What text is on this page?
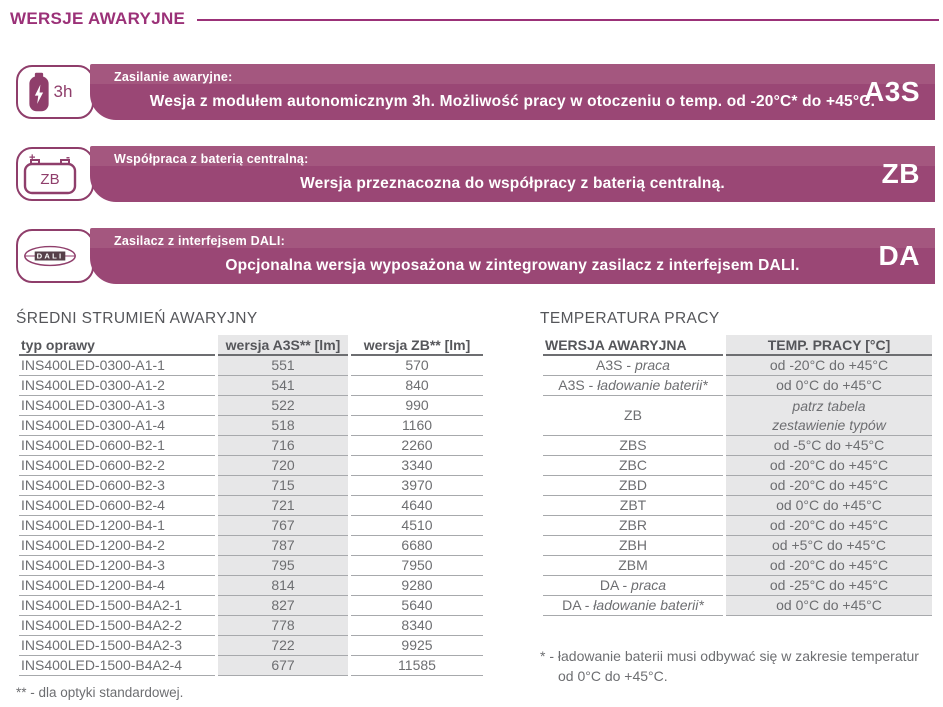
WERSJE AWARYJNE
3h
Zasilanie awaryjne:
Wesja z modułem autonomicznym 3h. Możliwość pracy w otoczeniu o temp. od -20°C* do +45°C.
A3S
+	-
ZB
Współpraca z baterią centralną:
Wersja przeznacozna do współpracy z baterią centralną.	ZB
DALI
Zasilacz z interfejsem DALI:
Opcjonalna wersja wyposażona w zintegrowany zasilacz z interfejsem DALI.	DA
ŚREDNI STRUMIEŃ AWARYJNY
typ oprawy	wersja A3S** [lm]	wersja ZB** [lm]
INS400LED-0300-A1-1	551	570
INS400LED-0300-A1-2	541	840
INS400LED-0300-A1-3	522	990
INS400LED-0300-A1-4	518	1160
INS400LED-0600-B2-1	716	2260
INS400LED-0600-B2-2	720	3340
INS400LED-0600-B2-3	715	3970
INS400LED-0600-B2-4	721	4640
INS400LED-1200-B4-1	767	4510
INS400LED-1200-B4-2	787	6680
INS400LED-1200-B4-3	795	7950
INS400LED-1200-B4-4	814	9280
INS400LED-1500-B4A2-1	827	5640
INS400LED-1500-B4A2-2	778	8340
INS400LED-1500-B4A2-3	722	9925
INS400LED-1500-B4A2-4	677	11585
** - dla optyki standardowej.
TEMPERATURA PRACY
WERSJA AWARYJNA	TEMP. PRACY [°C]
A3S - praca	od -20°C do +45°C
A3S - ładowanie baterii*	od 0°C do +45°C
ZB	patrz tabela
zestawienie typów

ZBS	od -5°C do +45°C
ZBC	od -20°C do +45°C
ZBD	od -20°C do +45°C
ZBT	od 0°C do +45°C
ZBR	od -20°C do +45°C
ZBH	od +5°C do +45°C
ZBM	od -20°C do +45°C
DA - praca	od -25°C do +45°C
DA - ładowanie baterii*	od 0°C do +45°C
* - ładowanie baterii musi odbywać się w zakresie temperatur od 0°C do +45°C.
